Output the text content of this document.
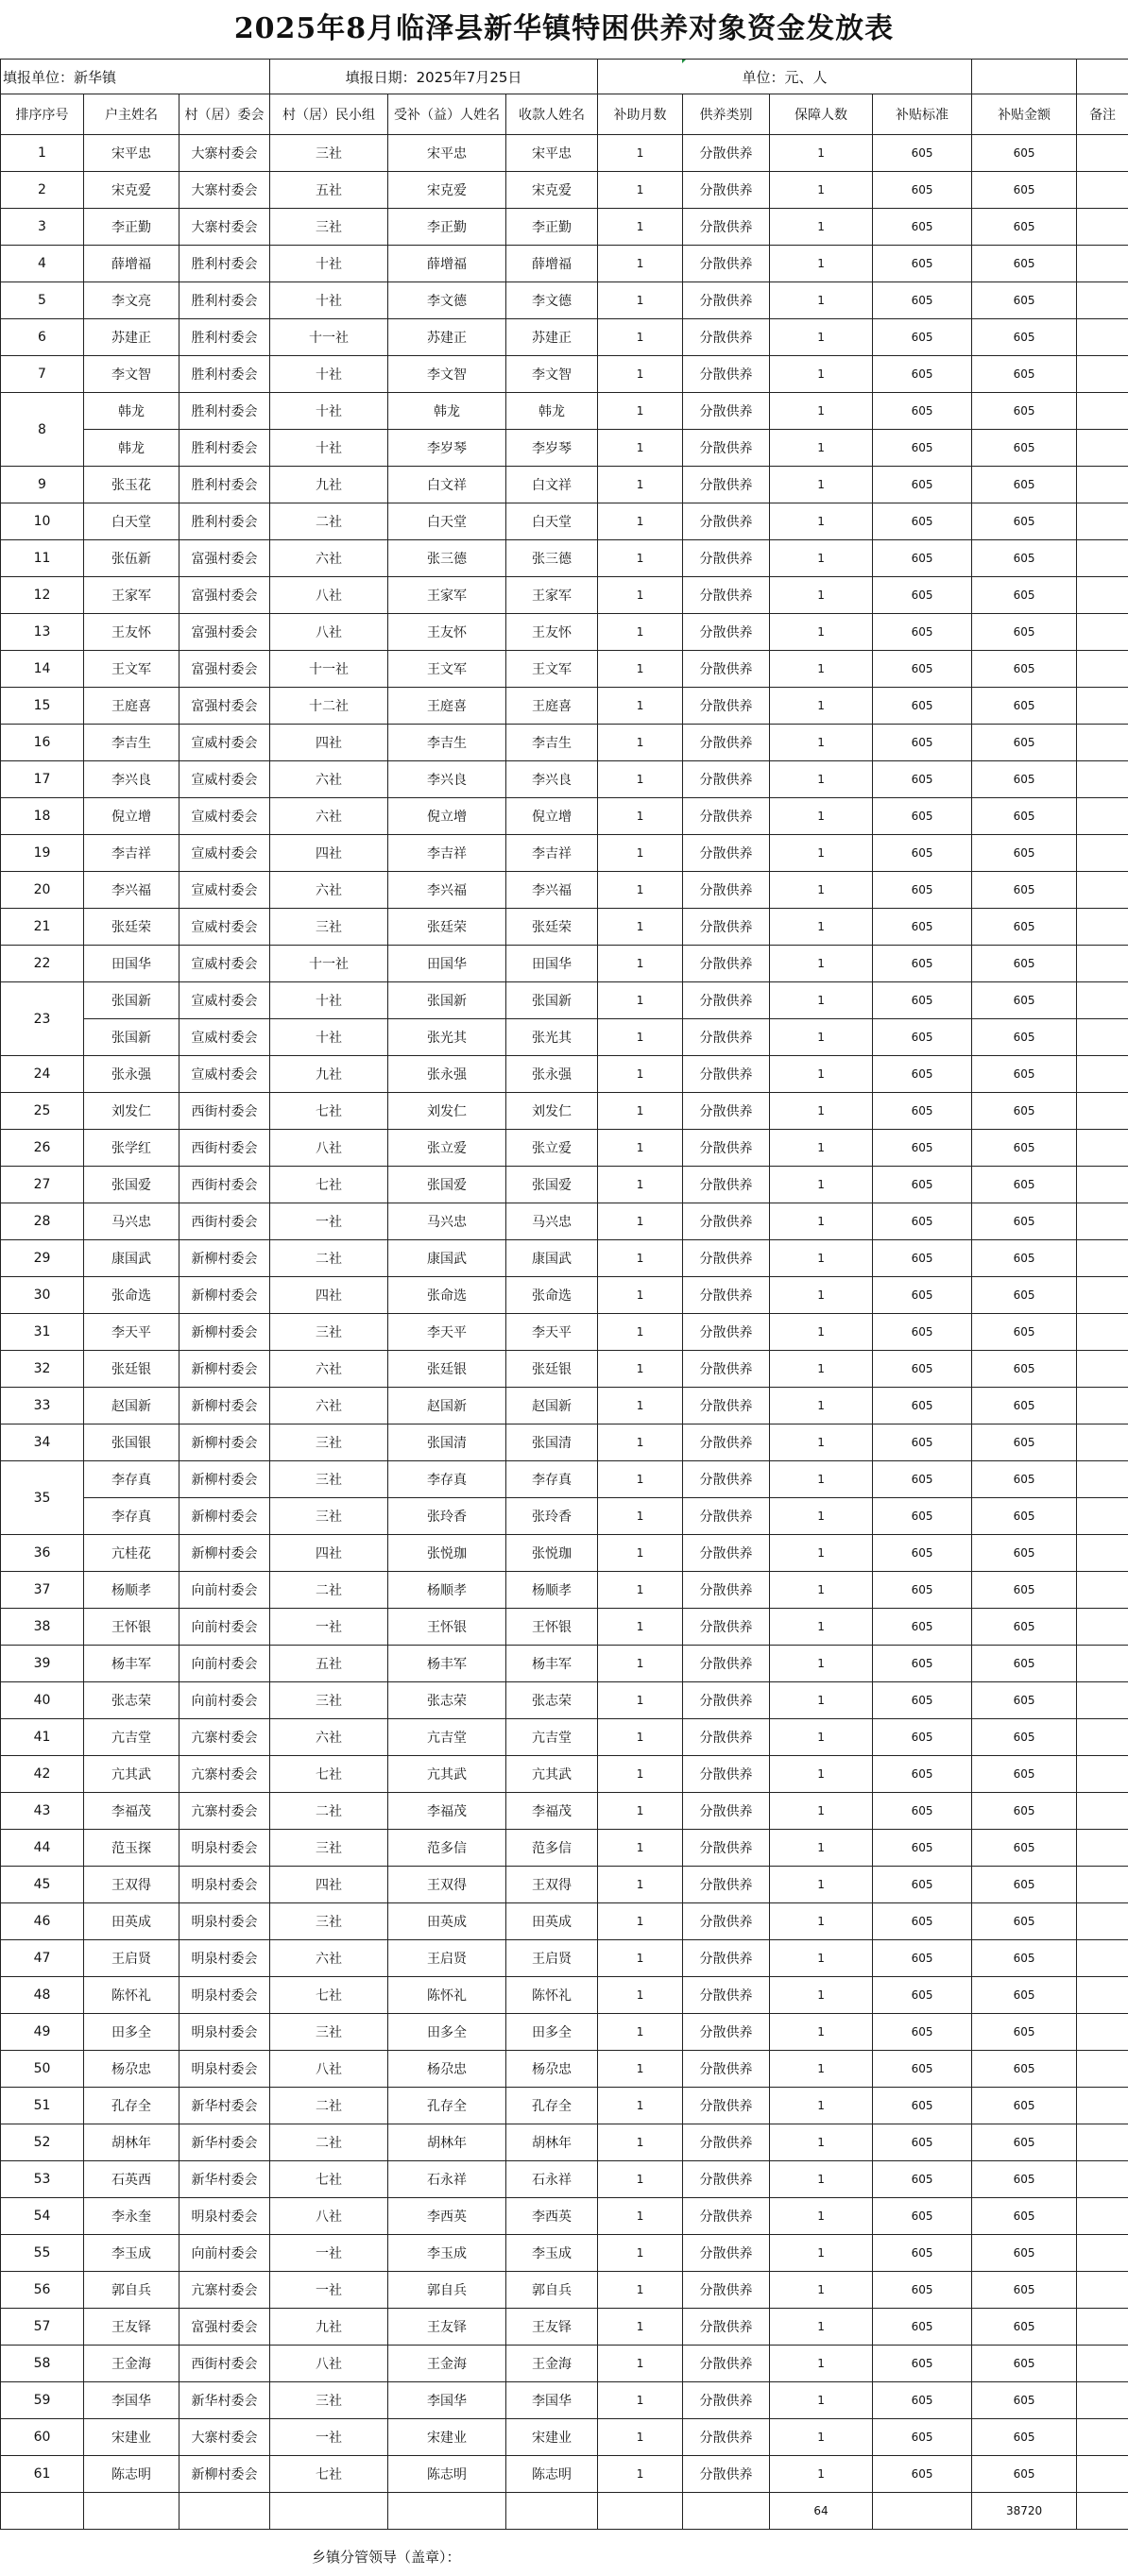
2025年8月临泽县新华镇特困供养对象资金发放表
填报单位：新华镇			填报日期：2025年7月25日			单位：元、人					
排序序号	户主姓名	村（居）委会	村（居）民小组	受补（益）人姓名	收款人姓名	补助月数	供养类别	保障人数	补贴标准	补贴金额	备注
1	宋平忠	大寨村委会	三社	宋平忠	宋平忠	1	分散供养	1	605	605	
2	宋克爱	大寨村委会	五社	宋克爱	宋克爱	1	分散供养	1	605	605	
3	李正勤	大寨村委会	三社	李正勤	李正勤	1	分散供养	1	605	605	
4	薛增福	胜利村委会	十社	薛增福	薛增福	1	分散供养	1	605	605	
5	李文亮	胜利村委会	十社	李文德	李文德	1	分散供养	1	605	605	
6	苏建正	胜利村委会	十一社	苏建正	苏建正	1	分散供养	1	605	605	
7	李文智	胜利村委会	十社	李文智	李文智	1	分散供养	1	605	605	
8	韩龙	胜利村委会	十社	韩龙	韩龙	1	分散供养	1	605	605	
	韩龙	胜利村委会	十社	李岁琴	李岁琴	1	分散供养	1	605	605	
9	张玉花	胜利村委会	九社	白文祥	白文祥	1	分散供养	1	605	605	
10	白天堂	胜利村委会	二社	白天堂	白天堂	1	分散供养	1	605	605	
11	张伍新	富强村委会	六社	张三德	张三德	1	分散供养	1	605	605	
12	王家军	富强村委会	八社	王家军	王家军	1	分散供养	1	605	605	
13	王友怀	富强村委会	八社	王友怀	王友怀	1	分散供养	1	605	605	
14	王文军	富强村委会	十一社	王文军	王文军	1	分散供养	1	605	605	
15	王庭喜	富强村委会	十二社	王庭喜	王庭喜	1	分散供养	1	605	605	
16	李吉生	宣威村委会	四社	李吉生	李吉生	1	分散供养	1	605	605	
17	李兴良	宣威村委会	六社	李兴良	李兴良	1	分散供养	1	605	605	
18	倪立增	宣威村委会	六社	倪立增	倪立增	1	分散供养	1	605	605	
19	李吉祥	宣威村委会	四社	李吉祥	李吉祥	1	分散供养	1	605	605	
20	李兴福	宣威村委会	六社	李兴福	李兴福	1	分散供养	1	605	605	
21	张廷荣	宣威村委会	三社	张廷荣	张廷荣	1	分散供养	1	605	605	
22	田国华	宣威村委会	十一社	田国华	田国华	1	分散供养	1	605	605	
23	张国新	宣威村委会	十社	张国新	张国新	1	分散供养	1	605	605	
	张国新	宣威村委会	十社	张光其	张光其	1	分散供养	1	605	605	
24	张永强	宣威村委会	九社	张永强	张永强	1	分散供养	1	605	605	
25	刘发仁	西街村委会	七社	刘发仁	刘发仁	1	分散供养	1	605	605	
26	张学红	西街村委会	八社	张立爱	张立爱	1	分散供养	1	605	605	
27	张国爱	西街村委会	七社	张国爱	张国爱	1	分散供养	1	605	605	
28	马兴忠	西街村委会	一社	马兴忠	马兴忠	1	分散供养	1	605	605	
29	康国武	新柳村委会	二社	康国武	康国武	1	分散供养	1	605	605	
30	张命选	新柳村委会	四社	张命选	张命选	1	分散供养	1	605	605	
31	李天平	新柳村委会	三社	李天平	李天平	1	分散供养	1	605	605	
32	张廷银	新柳村委会	六社	张廷银	张廷银	1	分散供养	1	605	605	
33	赵国新	新柳村委会	六社	赵国新	赵国新	1	分散供养	1	605	605	
34	张国银	新柳村委会	三社	张国清	张国清	1	分散供养	1	605	605	
35	李存真	新柳村委会	三社	李存真	李存真	1	分散供养	1	605	605	
	李存真	新柳村委会	三社	张玲香	张玲香	1	分散供养	1	605	605	
36	亢桂花	新柳村委会	四社	张悦珈	张悦珈	1	分散供养	1	605	605	
37	杨顺孝	向前村委会	二社	杨顺孝	杨顺孝	1	分散供养	1	605	605	
38	王怀银	向前村委会	一社	王怀银	王怀银	1	分散供养	1	605	605	
39	杨丰军	向前村委会	五社	杨丰军	杨丰军	1	分散供养	1	605	605	
40	张志荣	向前村委会	三社	张志荣	张志荣	1	分散供养	1	605	605	
41	亢吉堂	亢寨村委会	六社	亢吉堂	亢吉堂	1	分散供养	1	605	605	
42	亢其武	亢寨村委会	七社	亢其武	亢其武	1	分散供养	1	605	605	
43	李福茂	亢寨村委会	二社	李福茂	李福茂	1	分散供养	1	605	605	
44	范玉探	明泉村委会	三社	范多信	范多信	1	分散供养	1	605	605	
45	王双得	明泉村委会	四社	王双得	王双得	1	分散供养	1	605	605	
46	田英成	明泉村委会	三社	田英成	田英成	1	分散供养	1	605	605	
47	王启贤	明泉村委会	六社	王启贤	王启贤	1	分散供养	1	605	605	
48	陈怀礼	明泉村委会	七社	陈怀礼	陈怀礼	1	分散供养	1	605	605	
49	田多全	明泉村委会	三社	田多全	田多全	1	分散供养	1	605	605	
50	杨尕忠	明泉村委会	八社	杨尕忠	杨尕忠	1	分散供养	1	605	605	
51	孔存全	新华村委会	二社	孔存全	孔存全	1	分散供养	1	605	605	
52	胡林年	新华村委会	二社	胡林年	胡林年	1	分散供养	1	605	605	
53	石英西	新华村委会	七社	石永祥	石永祥	1	分散供养	1	605	605	
54	李永奎	明泉村委会	八社	李西英	李西英	1	分散供养	1	605	605	
55	李玉成	向前村委会	一社	李玉成	李玉成	1	分散供养	1	605	605	
56	郭自兵	亢寨村委会	一社	郭自兵	郭自兵	1	分散供养	1	605	605	
57	王友铎	富强村委会	九社	王友铎	王友铎	1	分散供养	1	605	605	
58	王金海	西街村委会	八社	王金海	王金海	1	分散供养	1	605	605	
59	李国华	新华村委会	三社	李国华	李国华	1	分散供养	1	605	605	
60	宋建业	大寨村委会	一社	宋建业	宋建业	1	分散供养	1	605	605	
61	陈志明	新柳村委会	七社	陈志明	陈志明	1	分散供养	1	605	605	
								64		38720	
乡镇分管领导（盖章）：
